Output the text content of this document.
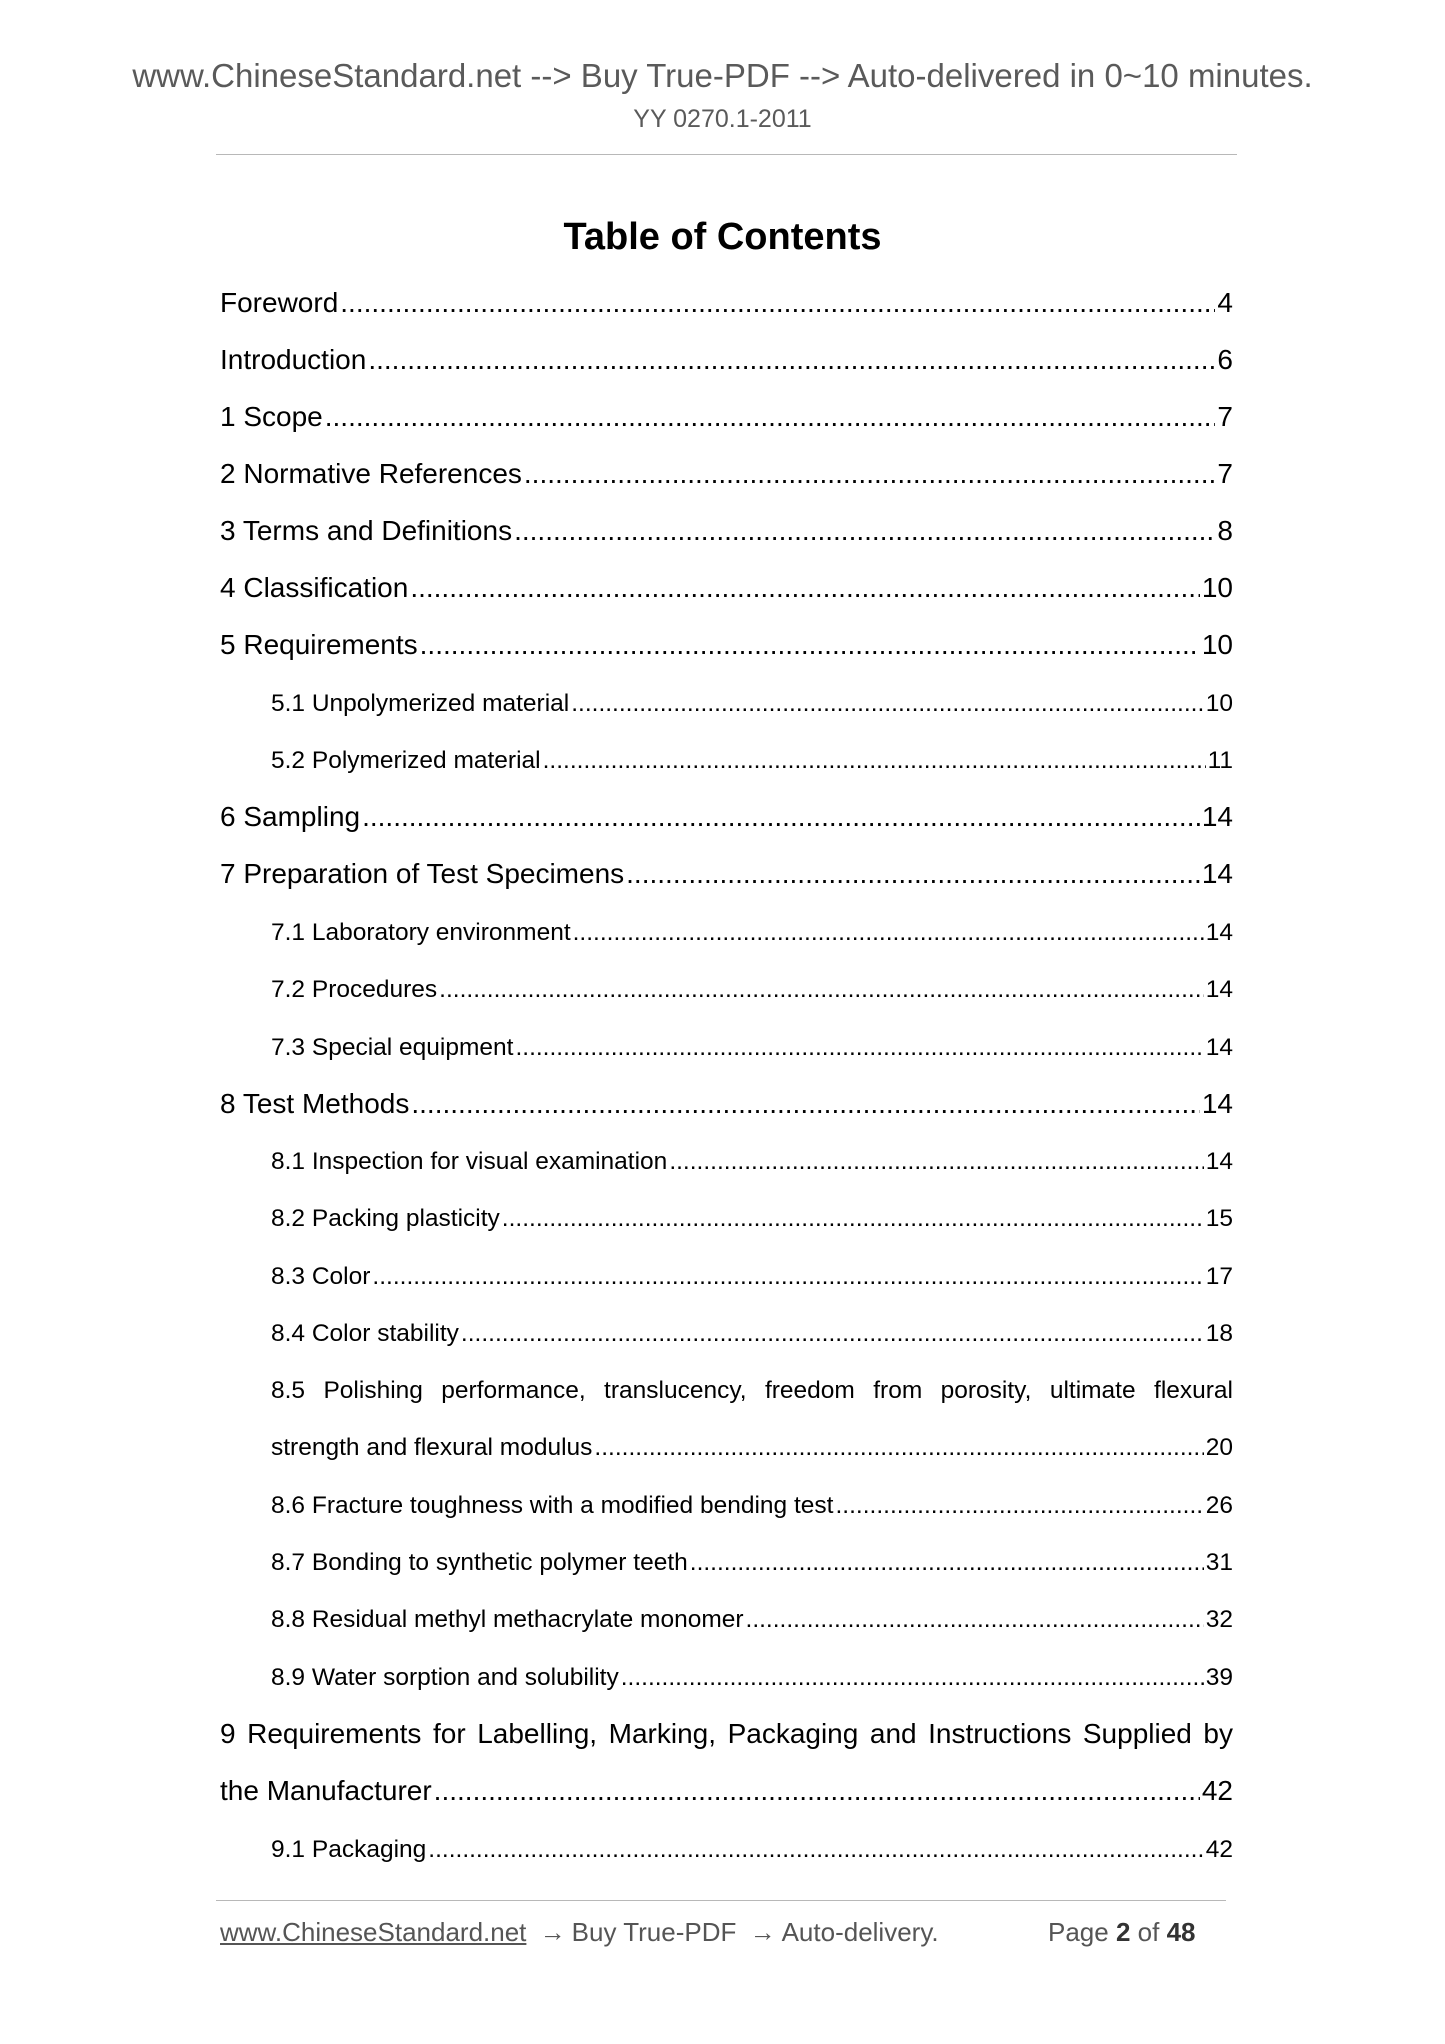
www.ChineseStandard.net --> Buy True-PDF --> Auto-delivered in 0~10 minutes.
YY 0270.1-2011
Table of Contents
Foreword .....	4
Introduction .....	6
1 Scope .....	7
2 Normative References .....	7
3 Terms and Definitions .....	8
4 Classification .....	10
5 Requirements .....	10
5.1 Unpolymerized material .....	10
5.2 Polymerized material .....	11
6 Sampling .....	14
7 Preparation of Test Specimens .....	14
7.1 Laboratory environment .....	14
7.2 Procedures .....	14
7.3 Special equipment .....	14
8 Test Methods .....	14
8.1 Inspection for visual examination .....	14
8.2 Packing plasticity .....	15
8.3 Color .....	17
8.4 Color stability .....	18
8.5 Polishing performance, translucency, freedom from porosity, ultimate flexural
strength and flexural modulus .....	20
8.6 Fracture toughness with a modified bending test .....	26
8.7 Bonding to synthetic polymer teeth .....	31
8.8 Residual methyl methacrylate monomer .....	32
8.9 Water sorption and solubility .....	39
9 Requirements for Labelling, Marking, Packaging and Instructions Supplied by
the Manufacturer .....	42
9.1 Packaging .....	42
www.ChineseStandard.net → Buy True-PDF → Auto-delivery.	Page 2 of 48
